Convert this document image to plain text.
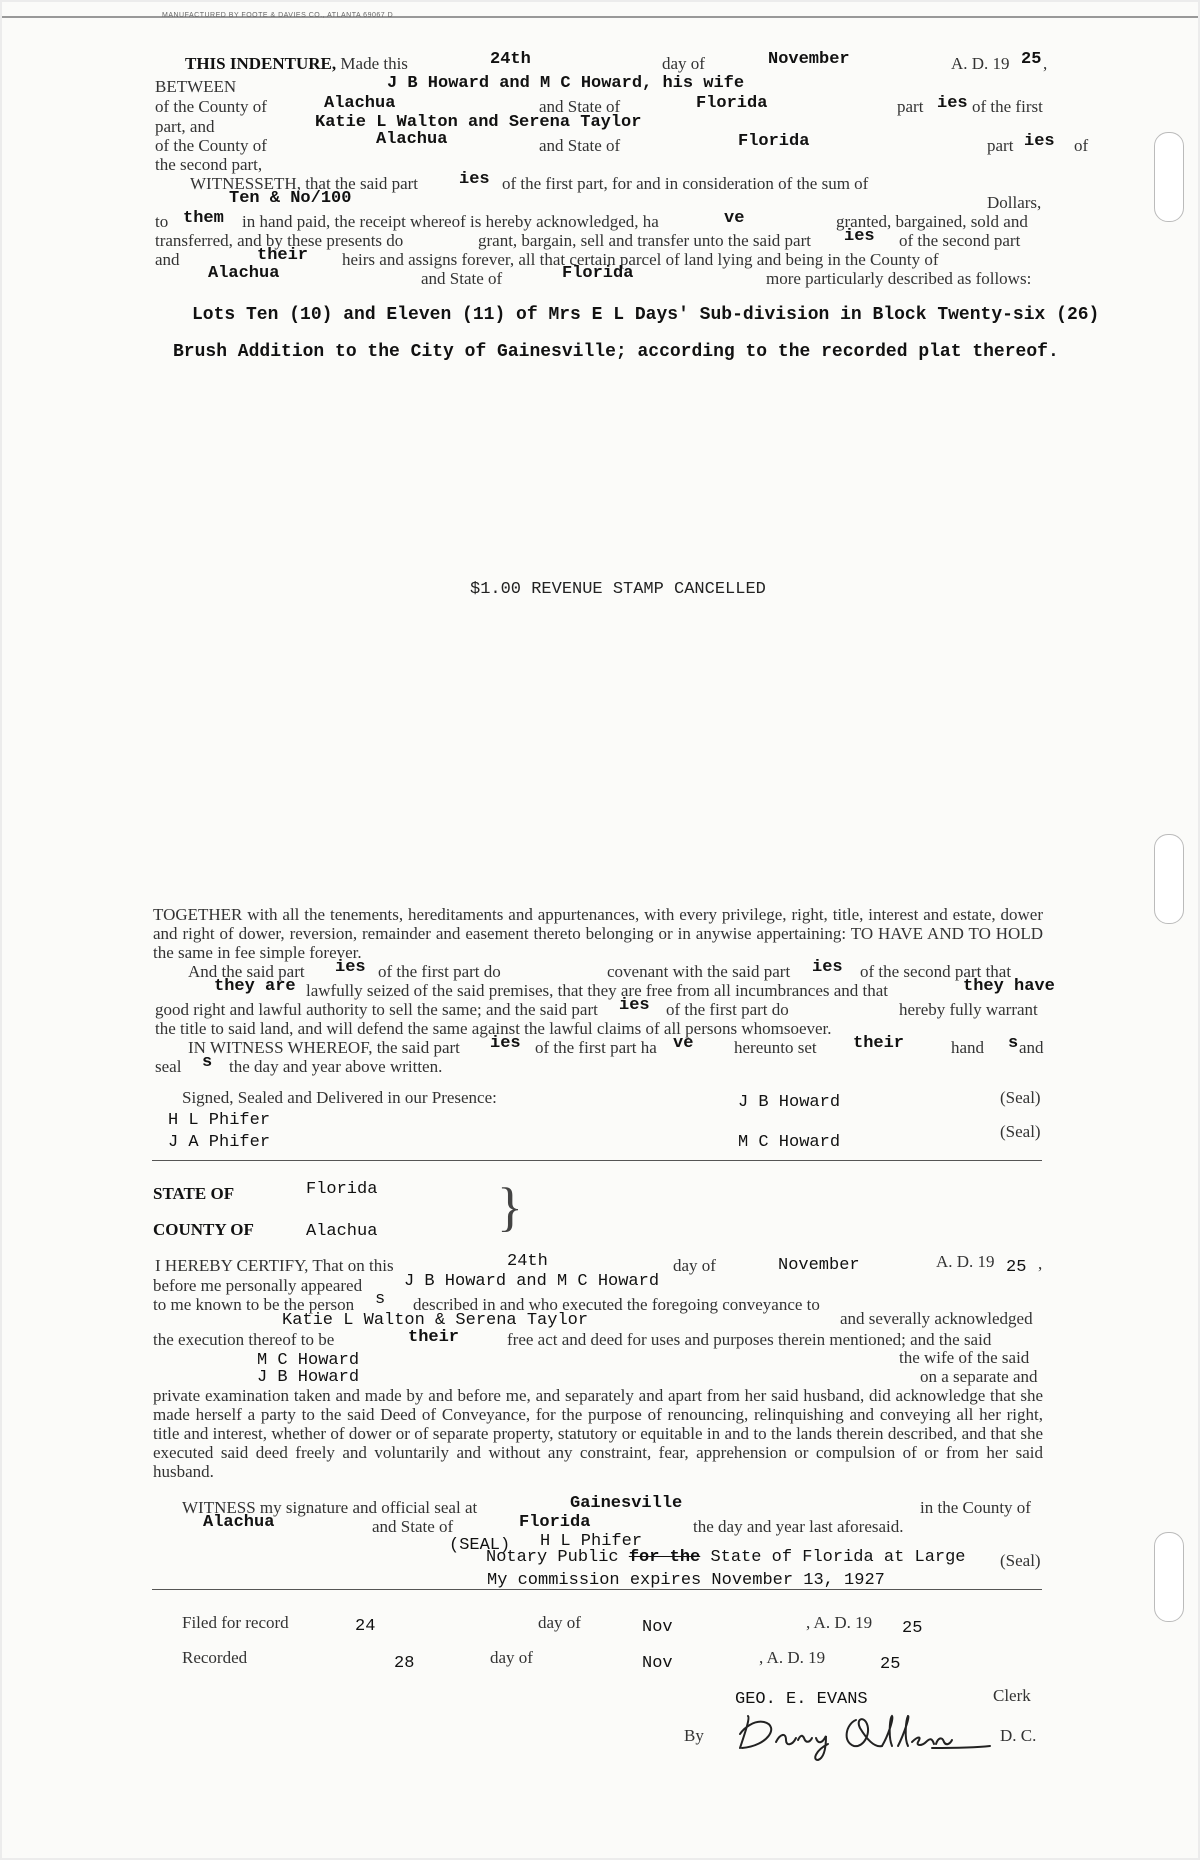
MANUFACTURED BY FOOTE & DAVIES CO., ATLANTA 69067 D
THIS INDENTURE, Made this	24th	day of	November	A. D. 19 25 ,
BETWEEN	J B Howard and M C Howard, his wife
of the County of	Alachua	and State of	Florida	part ies of the first
part, and	Katie L Walton and Serena Taylor
of the County of	Alachua	and State of	Florida	part ies of
the second part,
WITNESSETH, that the said part ies of the first part, for and in consideration of the sum of
Ten & No/100	Dollars,
to them in hand paid, the receipt whereof is hereby acknowledged, ha	ve	granted, bargained, sold and
transferred, and by these presents do	grant, bargain, sell and transfer unto the said part ies of the second part
and	their heirs and assigns forever, all that certain parcel of land lying and being in the County of
Alachua	and State of	Florida	more particularly described as follows:
Lots Ten (10) and Eleven (11) of Mrs E L Days' Sub-division in Block Twenty-six (26)
Brush Addition to the City of Gainesville; according to the recorded plat thereof.
$1.00 REVENUE STAMP CANCELLED
TOGETHER with all the tenements, hereditaments and appurtenances, with every privilege, right, title, interest and estate, dower and right of dower, reversion, remainder and easement thereto belonging or in anywise appertaining: TO HAVE AND TO HOLD the same in fee simple forever.
And the said part ies of the first part do	covenant with the said part ies of the second part that
they are lawfully seized of the said premises, that they are free from all incumbrances and that	they have
good right and lawful authority to sell the same; and the said part ies of the first part do	hereby fully warrant
the title to said land, and will defend the same against the lawful claims of all persons whomsoever.
IN WITNESS WHEREOF, the said part ies of the first part ha ve hereunto set their	hand s and
seal s the day and year above written.
Signed, Sealed and Delivered in our Presence:
H L Phifer
J A Phifer
J B Howard
M C Howard
(Seal)
(Seal)
STATE OF	Florida
COUNTY OF	Alachua }
I HEREBY CERTIFY, That on this	24th	day of	November	A. D. 19 25 ,
before me personally appeared J B Howard and M C Howard
to me known to be the person s described in and who executed the foregoing conveyance to
Katie L Walton & Serena Taylor	and severally acknowledged
the execution thereof to be	their	free act and deed for uses and purposes therein mentioned; and the said
M C Howard	the wife of the said
J B Howard	on a separate and
private examination taken and made by and before me, and separately and apart from her said husband, did acknowledge that she made herself a party to the said Deed of Conveyance, for the purpose of renouncing, relinquishing and conveying all her right, title and interest, whether of dower or of separate property, statutory or equitable in and to the lands therein described, and that she executed said deed freely and voluntarily and without any constraint, fear, apprehension or compulsion of or from her said husband.
WITNESS my signature and official seal at	Gainesville	in the County of
Alachua	and State of	Florida	the day and year last aforesaid.
(SEAL) H L Phifer
Notary Public for the State of Florida at Large (Seal)
My commission expires November 13, 1927
Filed for record	24	day of	Nov	, A. D. 19 25
Recorded	28	day of	Nov	, A. D. 19	25
GEO. E. EVANS	Clerk
By	D. C.
